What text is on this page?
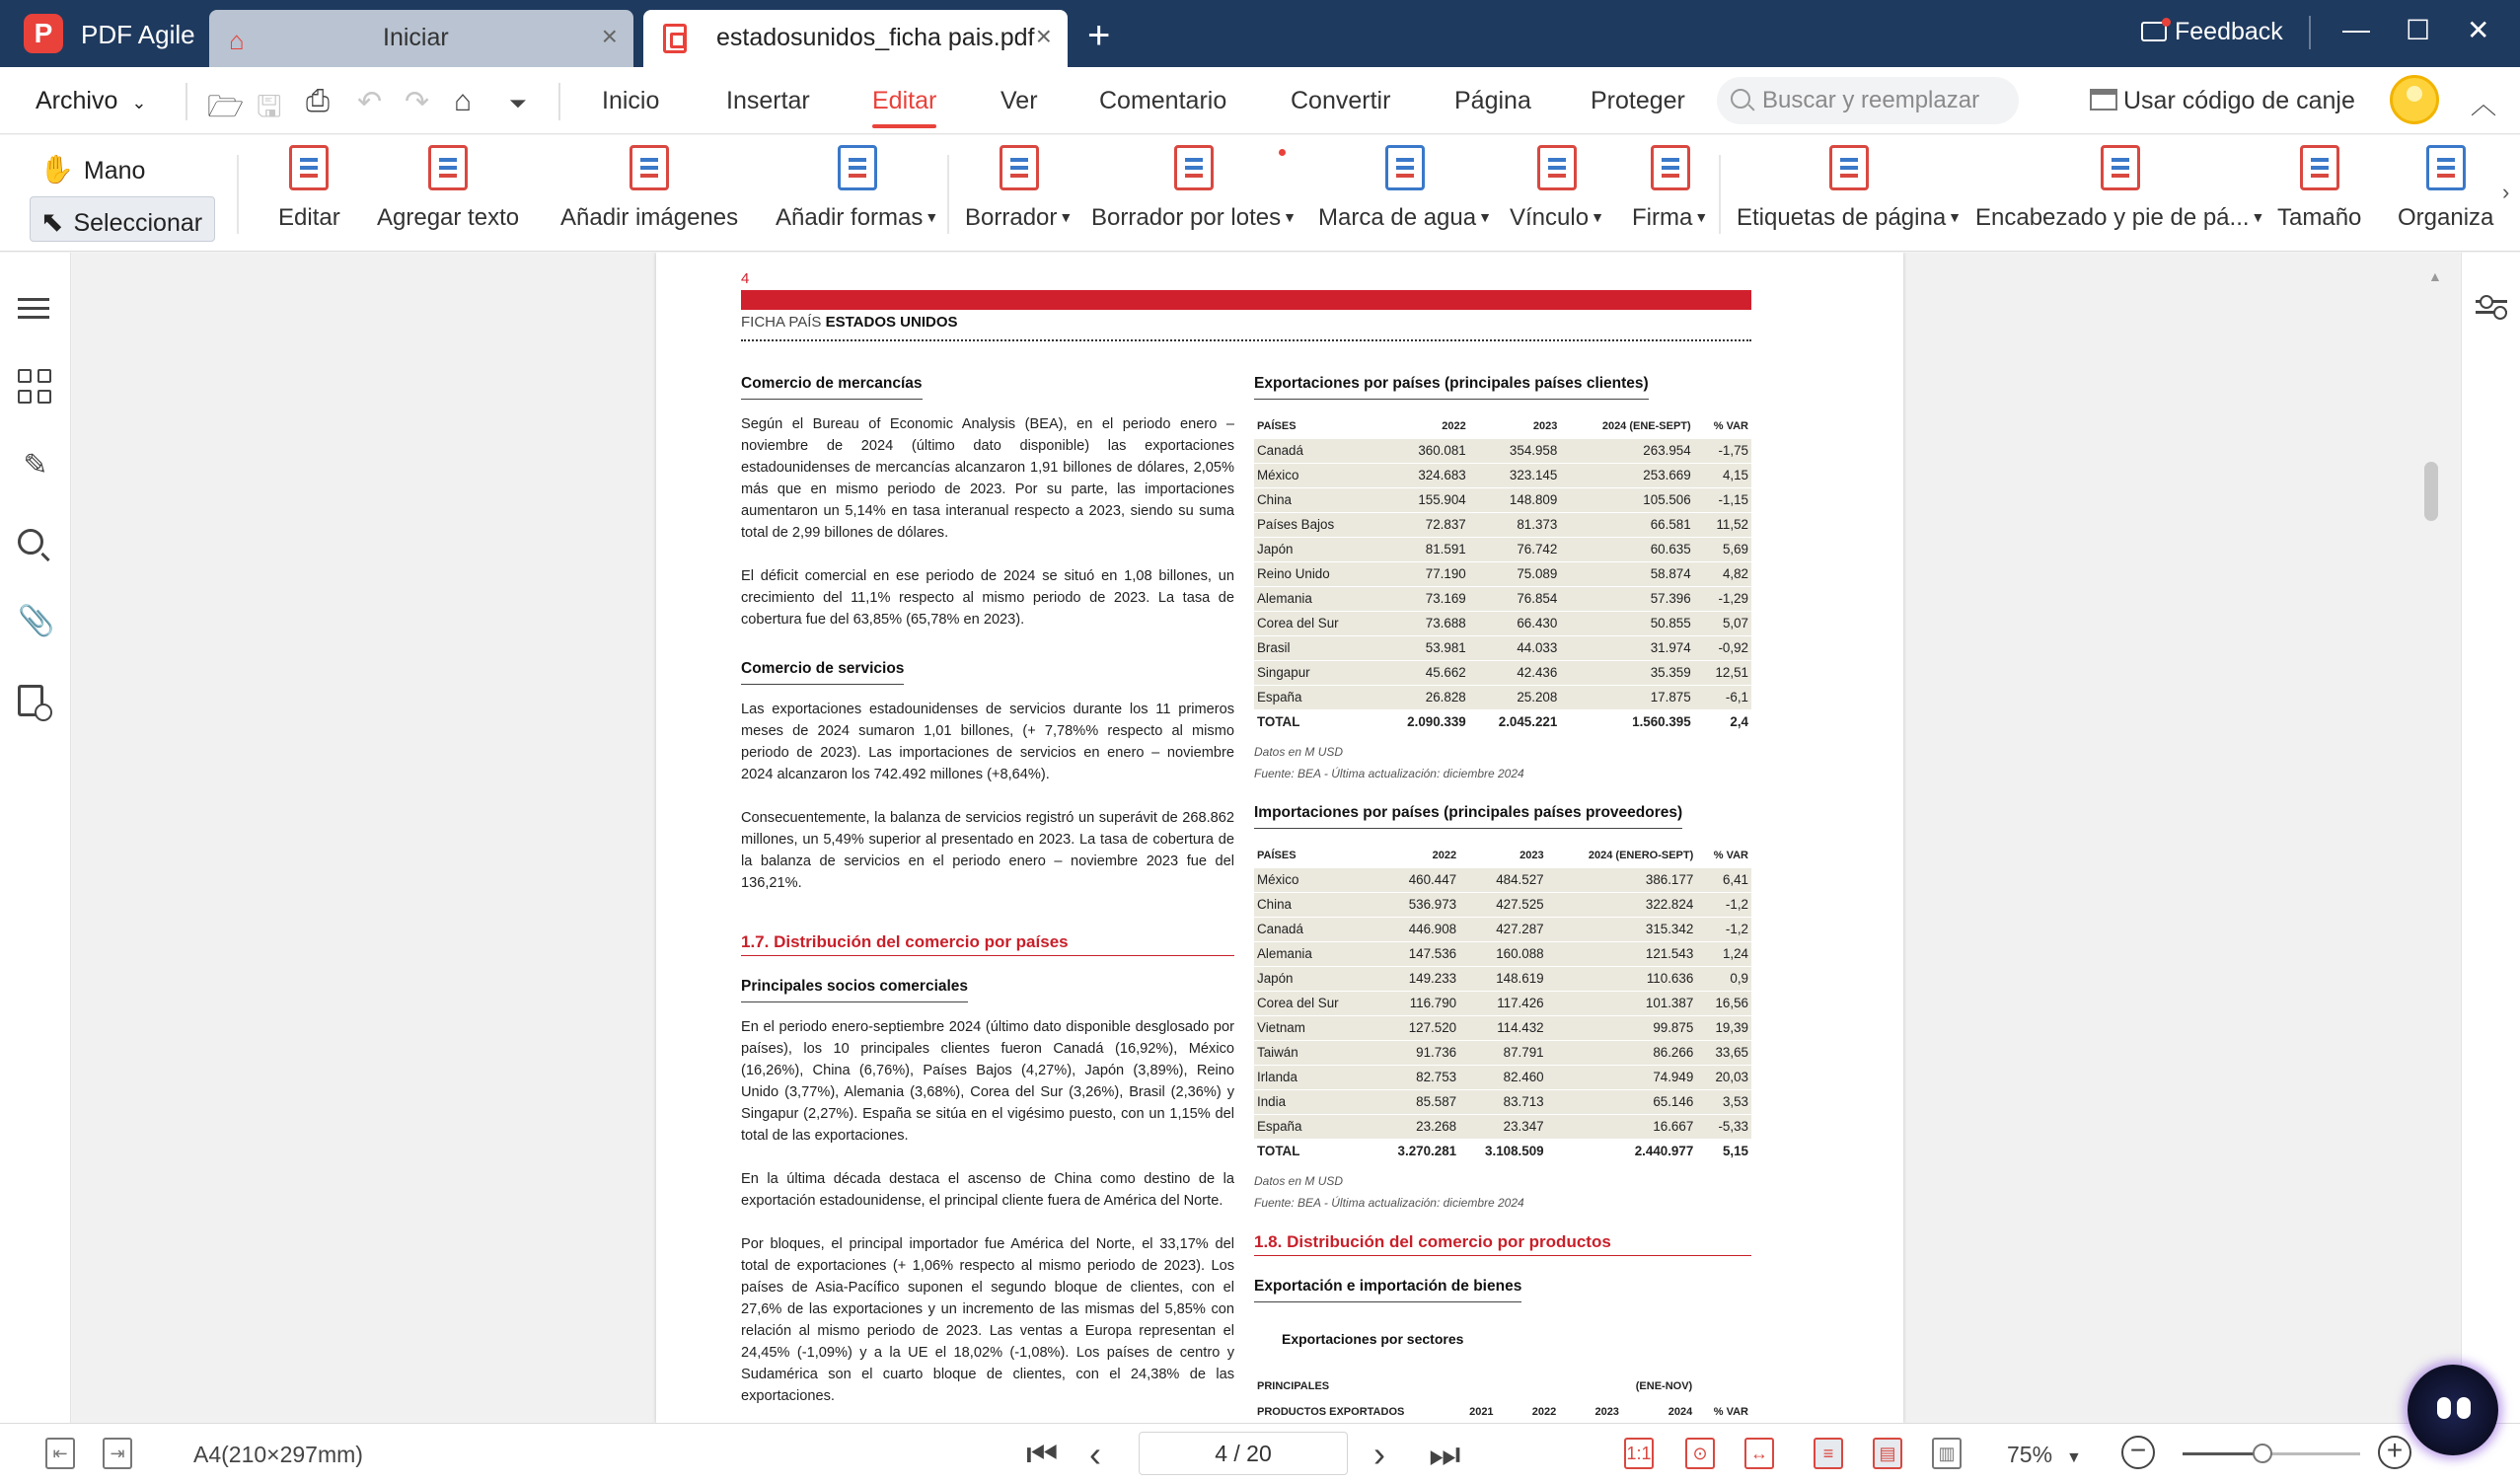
P	PDF Agile ⌂	Iniciar	×	estadosunidos_ficha pais.pdf × +	Feedback — ☐ ✕
Archivo ⌄ 🗁 🖫 ⎙ ↶ ↷ ⌂ ⏷	Inicio	Insertar	Editar	Ver Comentario	Convertir	Página Proteger
Buscar y reemplazar	Usar código de canje	︿
✋ Mano
⬉ Seleccionar	Editar Agregar texto Añadir imágenes Añadir formas ▼ Borrador ▼ Borrador por lotes ▼ Marca de agua ▼ Vínculo ▼ Firma ▼ Etiquetas de página ▼ Encabezado y pie de pá... ▼ Tamaño Organiza
›
✎
📎
4
FICHA PAÍS ESTADOS UNIDOS
Comercio de mercancías
Según el Bureau of Economic Analysis (BEA), en el periodo enero – noviembre de 2024 (último dato disponible) las exportaciones estadounidenses de mercancías alcanzaron 1,91 billones de dólares, 2,05% más que en mismo periodo de 2023. Por su parte, las importaciones aumentaron un 5,14% en tasa interanual respecto a 2023, siendo su suma total de 2,99 billones de dólares.
El déficit comercial en ese periodo de 2024 se situó en 1,08 billones, un crecimiento del 11,1% respecto al mismo periodo de 2023. La tasa de cobertura fue del 63,85% (65,78% en 2023).
Comercio de servicios
Las exportaciones estadounidenses de servicios durante los 11 primeros meses de 2024 sumaron 1,01 billones, (+ 7,78%% respecto al mismo periodo de 2023). Las importaciones de servicios en enero – noviembre 2024 alcanzaron los 742.492 millones (+8,64%).
Consecuentemente, la balanza de servicios registró un superávit de 268.862 millones, un 5,49% superior al presentado en 2023. La tasa de cobertura de la balanza de servicios en el periodo enero – noviembre 2023 fue del 136,21%.
1.7. Distribución del comercio por países
Principales socios comerciales
En el periodo enero-septiembre 2024 (último dato disponible desglosado por países), los 10 principales clientes fueron Canadá (16,92%), México (16,26%), China (6,76%), Países Bajos (4,27%), Japón (3,89%), Reino Unido (3,77%), Alemania (3,68%), Corea del Sur (3,26%), Brasil (2,36%) y Singapur (2,27%). España se sitúa en el vigésimo puesto, con un 1,15% del total de las exportaciones.
En la última década destaca el ascenso de China como destino de la exportación estadounidense, el principal cliente fuera de América del Norte.
Por bloques, el principal importador fue América del Norte, el 33,17% del total de exportaciones (+ 1,06% respecto al mismo periodo de 2023). Los países de Asia-Pacífico suponen el segundo bloque de clientes, con el 27,6% de las exportaciones y un incremento de las mismas del 5,85% con relación al mismo periodo de 2023. Las ventas a Europa representan el 24,45% (-1,09%) y a la UE el 18,02% (-1,08%). Los países de centro y Sudamérica son el cuarto bloque de clientes, con el 24,38% de las exportaciones.
Exportaciones por países (principales países clientes)
PAÍSES	2022	2023	2024 (ENE-SEPT)	% VAR
Canadá	360.081	354.958	263.954	-1,75
México	324.683	323.145	253.669	4,15
China	155.904	148.809	105.506	-1,15
Países Bajos	72.837	81.373	66.581	11,52
Japón	81.591	76.742	60.635	5,69
Reino Unido	77.190	75.089	58.874	4,82
Alemania	73.169	76.854	57.396	-1,29
Corea del Sur	73.688	66.430	50.855	5,07
Brasil	53.981	44.033	31.974	-0,92
Singapur	45.662	42.436	35.359	12,51
España	26.828	25.208	17.875	-6,1
TOTAL	2.090.339	2.045.221	1.560.395	2,4
Datos en M USD
Fuente: BEA - Última actualización: diciembre 2024
Importaciones por países (principales países proveedores)
PAÍSES	2022	2023	2024 (ENERO-SEPT)	% VAR
México	460.447	484.527	386.177	6,41
China	536.973	427.525	322.824	-1,2
Canadá	446.908	427.287	315.342	-1,2
Alemania	147.536	160.088	121.543	1,24
Japón	149.233	148.619	110.636	0,9
Corea del Sur	116.790	117.426	101.387	16,56
Vietnam	127.520	114.432	99.875	19,39
Taiwán	91.736	87.791	86.266	33,65
Irlanda	82.753	82.460	74.949	20,03
India	85.587	83.713	65.146	3,53
España	23.268	23.347	16.667	-5,33
TOTAL	3.270.281	3.108.509	2.440.977	5,15
Datos en M USD
Fuente: BEA - Última actualización: diciembre 2024
1.8. Distribución del comercio por productos
Exportación e importación de bienes
Exportaciones por sectores
PRINCIPALES				(ENE-NOV)	
PRODUCTOS EXPORTADOS	2021	2022	2023	2024	% VAR

▲
⇤	⇥	A4(210×297mm)	⏮ ‹	4 / 20	› ⏭	1:1	⊙	↔	≡	▤	▥ 75% ▼	−	+
